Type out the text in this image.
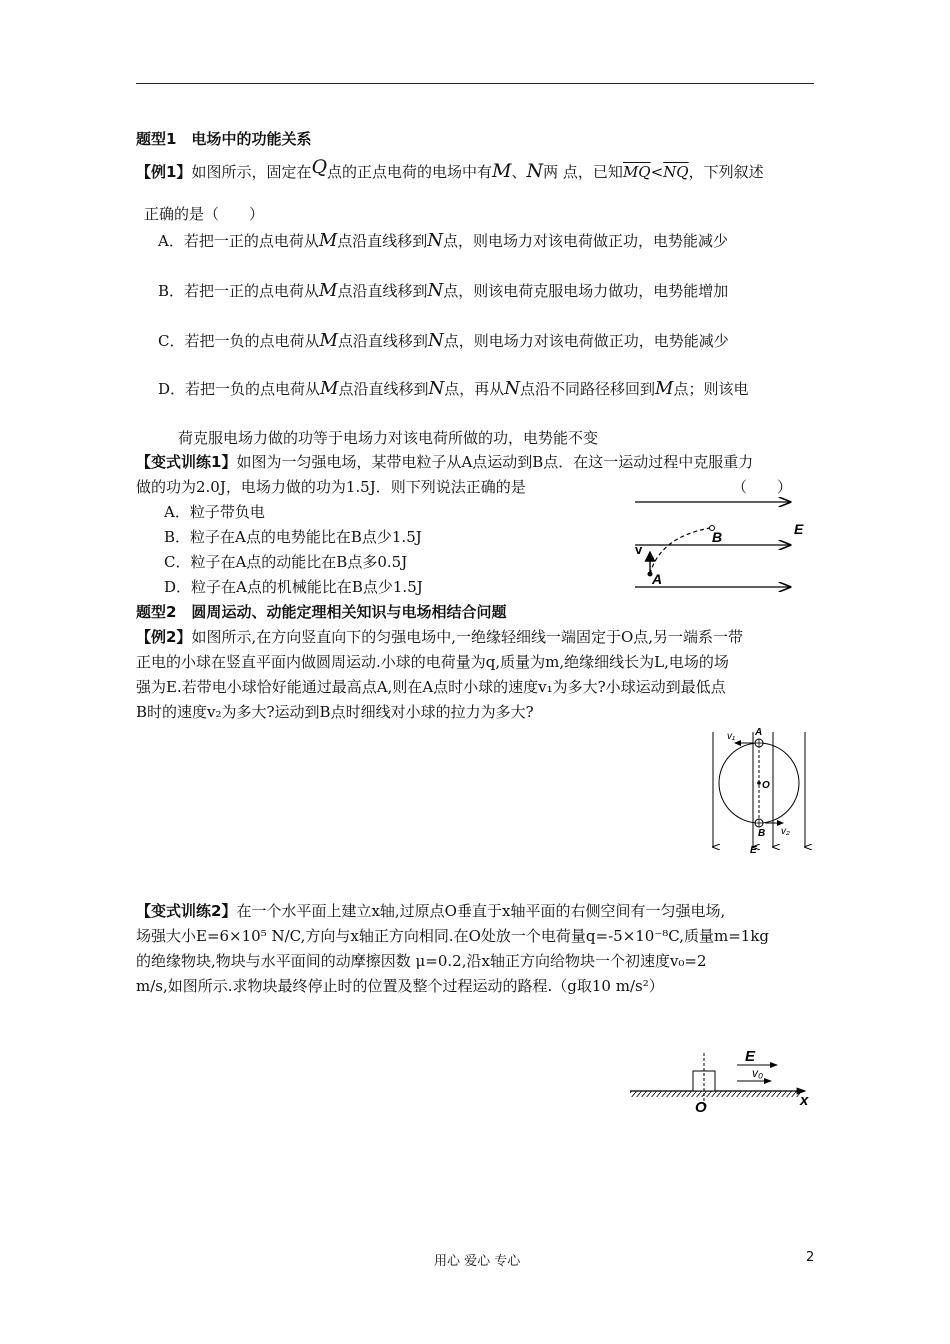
题型1　电场中的功能关系
【例1】如图所示，固定在Q点的正点电荷的电场中有M、N两 点，已知$\overline{MQ}<\overline{NQ}$，下列叙述
正确的是（　　）
A．若把一正的点电荷从M点沿直线移到N点，则电场力对该电荷做正功，电势能减少
B．若把一正的点电荷从M点沿直线移到N点，则该电荷克服电场力做功，电势能增加
C．若把一负的点电荷从M点沿直线移到N点，则电场力对该电荷做正功，电势能减少
D．若把一负的点电荷从M点沿直线移到N点，再从N点沿不同路径移回到M点；则该电
荷克服电场力做的功等于电场力对该电荷所做的功，电势能不变
【变式训练1】如图为一匀强电场，某带电粒子从A点运动到B点．在这一运动过程中克服重力
做的功为2.0J，电场力做的功为1.5J．则下列说法正确的是	（　　）
A．粒子带负电
B．粒子在A点的电势能比在B点少1.5J
C．粒子在A点的动能比在B点多0.5J
D．粒子在A点的机械能比在B点少1.5J
B	E
v
A
题型2　圆周运动、动能定理相关知识与电场相结合问题
【例2】如图所示,在方向竖直向下的匀强电场中,一绝缘轻细线一端固定于O点,另一端系一带
正电的小球在竖直平面内做圆周运动.小球的电荷量为q,质量为m,绝缘细线长为L,电场的场
强为E.若带电小球恰好能通过最高点A,则在A点时小球的速度v₁为多大?小球运动到最低点
B时的速度v₂为多大?运动到B点时细线对小球的拉力为多大?
v₁ A
O
B v₂
E
【变式训练2】在一个水平面上建立x轴,过原点O垂直于x轴平面的右侧空间有一匀强电场,
场强大小E=6×10⁵ N/C,方向与x轴正方向相同.在O处放一个电荷量q=-5×10⁻⁸C,质量m=1kg
的绝缘物块,物块与水平面间的动摩擦因数 μ=0.2,沿x轴正方向给物块一个初速度v₀=2
m/s,如图所示.求物块最终停止时的位置及整个过程运动的路程.（g取10 m/s²）
E
v₀
O	x
用心 爱心 专心	2
